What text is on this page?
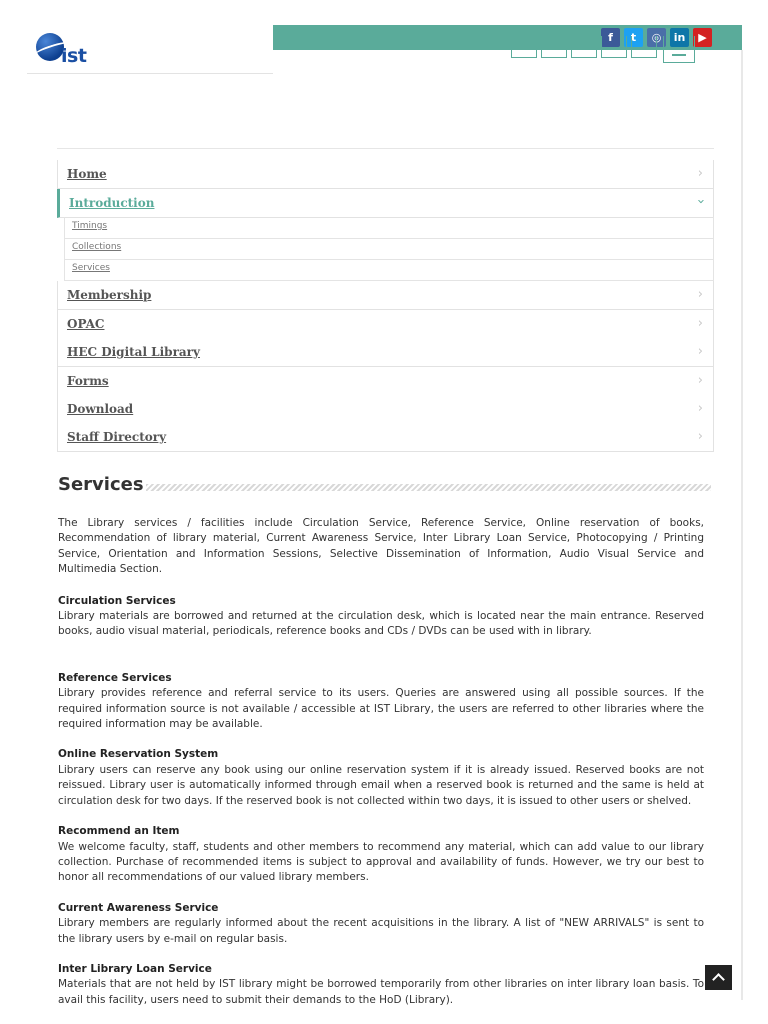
ist
f	t	◎	in	▶
Home	›
Introduction	›
Timings
Collections
Services
Membership	›
OPAC	›
HEC Digital Library	›
Forms	›
Download	›
Staff Directory	›
Services

The Library services / facilities include Circulation Service, Reference Service, Online reservation of books, Recommendation of library material, Current Awareness Service, Inter Library Loan Service, Photocopying / Printing Service, Orientation and Information Sessions, Selective Dissemination of Information, Audio Visual Service and Multimedia Section.

Circulation Services

Library materials are borrowed and returned at the circulation desk, which is located near the main entrance. Reserved books, audio visual material, periodicals, reference books and CDs / DVDs can be used with in library.

Reference Services

Library provides reference and referral service to its users. Queries are answered using all possible sources. If the required information source is not available / accessible at IST Library, the users are referred to other libraries where the required information may be available.

Online Reservation System

Library users can reserve any book using our online reservation system if it is already issued. Reserved books are not reissued. Library user is automatically informed through email when a reserved book is returned and the same is held at circulation desk for two days. If the reserved book is not collected within two days, it is issued to other users or shelved.

Recommend an Item

We welcome faculty, staff, students and other members to recommend any material, which can add value to our library collection. Purchase of recommended items is subject to approval and availability of funds. However, we try our best to honor all recommendations of our valued library members.

Current Awareness Service

Library members are regularly informed about the recent acquisitions in the library. A list of "NEW ARRIVALS" is sent to the library users by e-mail on regular basis.

Inter Library Loan Service

Materials that are not held by IST library might be borrowed temporarily from other libraries on inter library loan basis. To avail this facility, users need to submit their demands to the HoD (Library).
